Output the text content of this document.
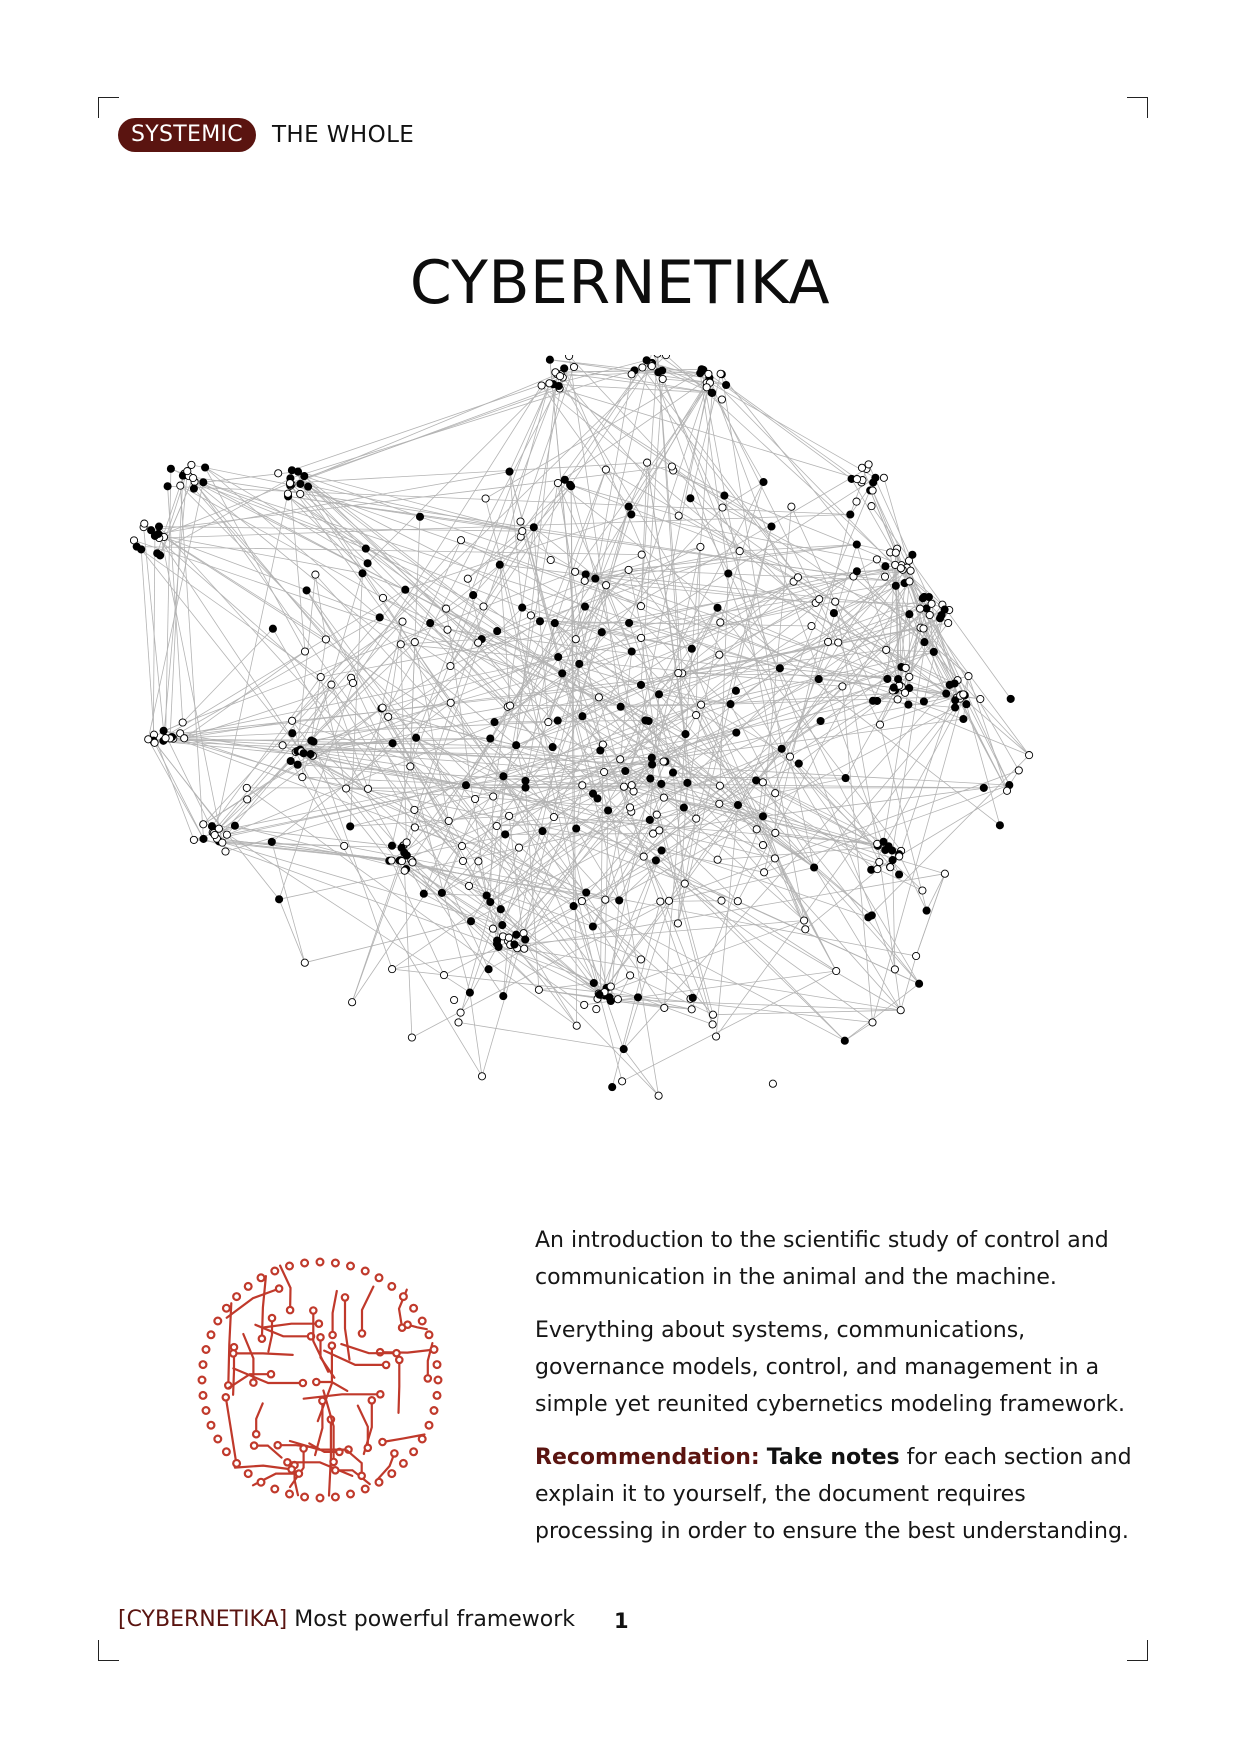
SYSTEMIC	THE WHOLE
CYBERNETIKA

An introduction to the scientific study of control and communication in the animal and the machine.

Everything about systems, communications, governance models, control, and management in a simple yet reunited cybernetics modeling framework.

Recommendation: Take notes for each section and explain it to yourself, the document requires processing in order to ensure the best understanding.

[CYBERNETIKA] Most powerful framework 1
